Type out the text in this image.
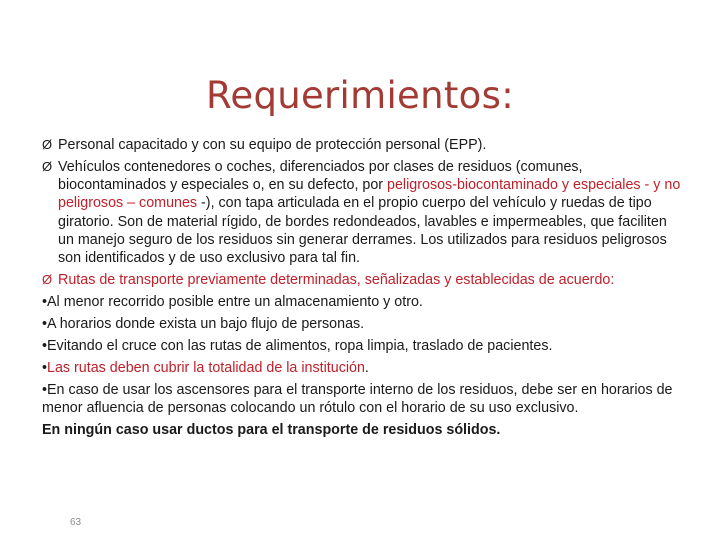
Requerimientos:
Ø Personal capacitado y con su equipo de protección personal (EPP).
Ø Vehículos contenedores o coches, diferenciados por clases de residuos (comunes, biocontaminados y especiales o, en su defecto, por peligrosos-biocontaminado y especiales - y no peligrosos – comunes -), con tapa articulada en el propio cuerpo del vehículo y ruedas de tipo giratorio. Son de material rígido, de bordes redondeados, lavables e impermeables, que faciliten un manejo seguro de los residuos sin generar derrames. Los utilizados para residuos peligrosos son identificados y de uso exclusivo para tal fin.
Ø Rutas de transporte previamente determinadas, señalizadas y establecidas de acuerdo:
•Al menor recorrido posible entre un almacenamiento y otro.
•A horarios donde exista un bajo flujo de personas.
•Evitando el cruce con las rutas de alimentos, ropa limpia, traslado de pacientes.
•Las rutas deben cubrir la totalidad de la institución.
•En caso de usar los ascensores para el transporte interno de los residuos, debe ser en horarios de menor afluencia de personas colocando un rótulo con el horario de su uso exclusivo.
En ningún caso usar ductos para el transporte de residuos sólidos.
63
